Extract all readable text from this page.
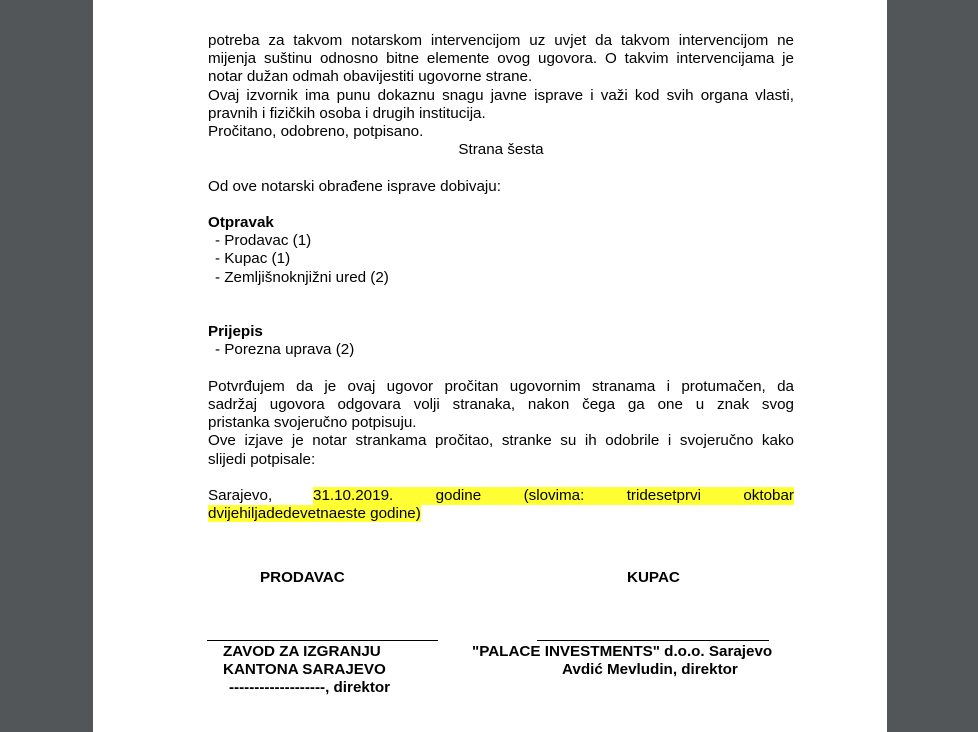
potreba za takvom notarskom intervencijom uz uvjet da takvom intervencijom ne

mijenja suštinu odnosno bitne elemente ovog ugovora. O takvim intervencijama je

notar dužan odmah obavijestiti ugovorne strane.

Ovaj izvornik ima punu dokaznu snagu javne isprave i važi kod svih organa vlasti,

pravnih i fizičkih osoba i drugih institucija.

Pročitano, odobreno, potpisano.

Strana šesta

Od ove notarski obrađene isprave dobivaju:

Otpravak

- Prodavac (1)

- Kupac (1)

- Zemljišnoknjižni ured (2)

Prijepis

- Porezna uprava (2)

Potvrđujem da je ovaj ugovor pročitan ugovornim stranama i protumačen, da

sadržaj ugovora odgovara volji stranaka, nakon čega ga one u znak svog

pristanka svojeručno potpisuju.

Ove izjave je notar strankama pročitao, stranke su ih odobrile i svojeručno kako

slijedi potpisale:

Sarajevo,	31.10.2019. godine (slovima: tridesetprvi oktobar

dvijehiljadedevetnaeste godine)

PRODAVAC	KUPAC
ZAVOD ZA IZGRANJU
KANTONA SARAJEVO
-------------------, direktor
"PALACE INVESTMENTS" d.o.o. Sarajevo
Avdić Mevludin, direktor
